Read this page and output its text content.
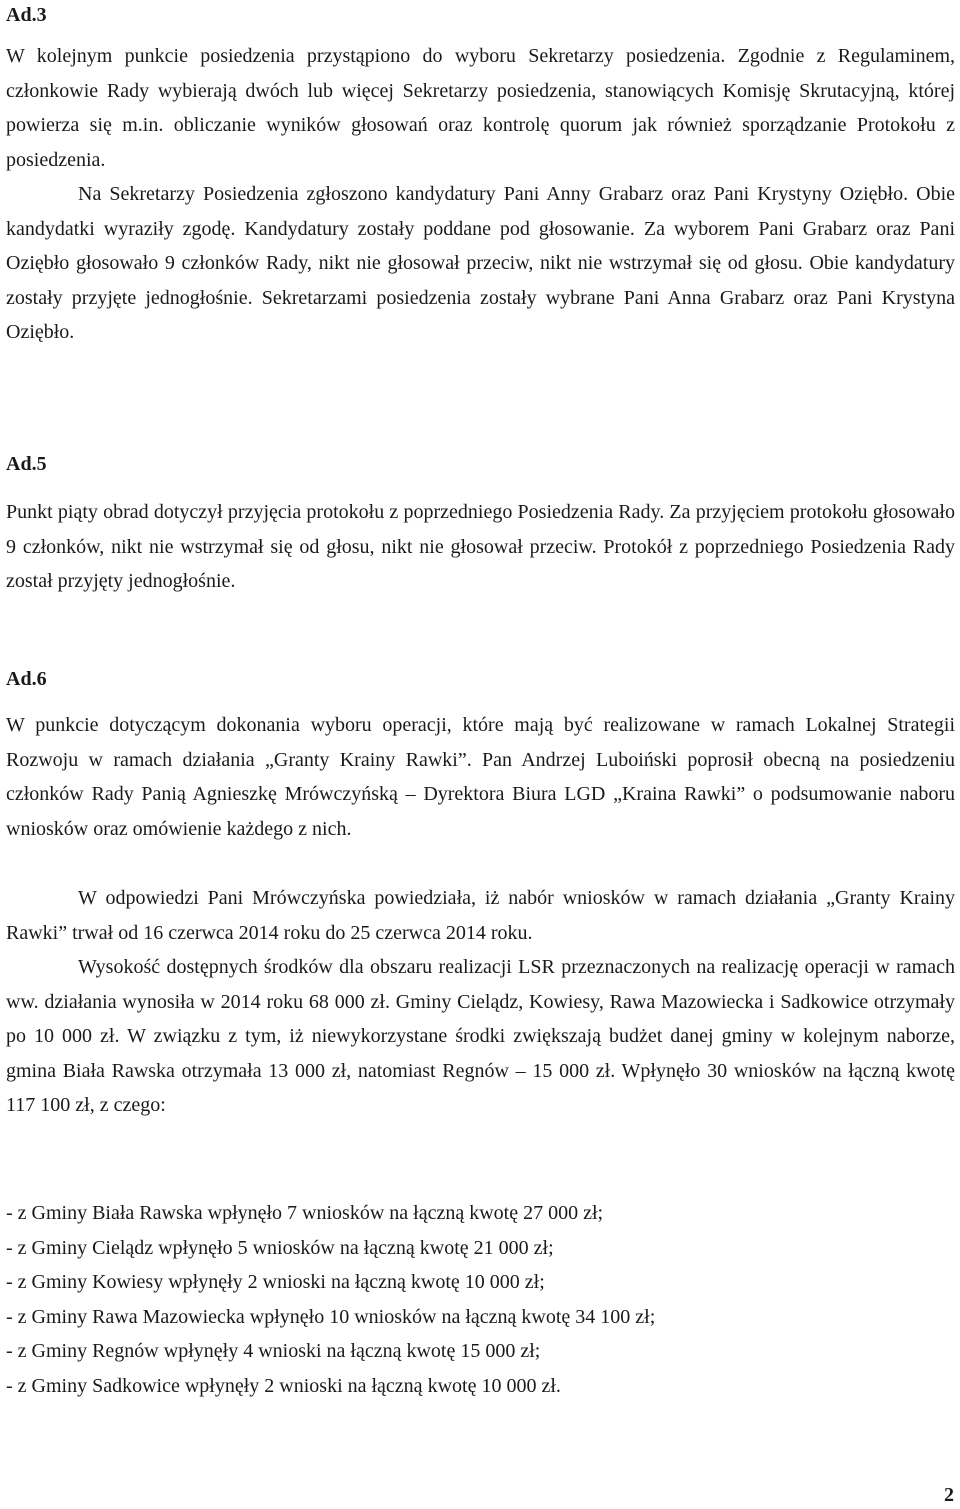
Ad.3

W kolejnym punkcie posiedzenia przystąpiono do wyboru Sekretarzy posiedzenia. Zgodnie z Regulaminem, członkowie Rady wybierają dwóch lub więcej Sekretarzy posiedzenia, stanowiących Komisję Skrutacyjną, której powierza się m.in. obliczanie wyników głosowań oraz kontrolę quorum jak również sporządzanie Protokołu z posiedzenia.

Na Sekretarzy Posiedzenia zgłoszono kandydatury Pani Anny Grabarz oraz Pani Krystyny Oziębło. Obie kandydatki wyraziły zgodę. Kandydatury zostały poddane pod głosowanie. Za wyborem Pani Grabarz oraz Pani Oziębło głosowało 9 członków Rady, nikt nie głosował przeciw, nikt nie wstrzymał się od głosu. Obie kandydatury zostały przyjęte jednogłośnie. Sekretarzami posiedzenia zostały wybrane Pani Anna Grabarz oraz Pani Krystyna Oziębło.

Ad.5

Punkt piąty obrad dotyczył przyjęcia protokołu z poprzedniego Posiedzenia Rady. Za przyjęciem protokołu głosowało 9 członków, nikt nie wstrzymał się od głosu, nikt nie głosował przeciw. Protokół z poprzedniego Posiedzenia Rady został przyjęty jednogłośnie.

Ad.6

W punkcie dotyczącym dokonania wyboru operacji, które mają być realizowane w ramach Lokalnej Strategii Rozwoju w ramach działania „Granty Krainy Rawki”. Pan Andrzej Luboiński poprosił obecną na posiedzeniu członków Rady Panią Agnieszkę Mrówczyńską – Dyrektora Biura LGD „Kraina Rawki” o podsumowanie naboru wniosków oraz omówienie każdego z nich.

W odpowiedzi Pani Mrówczyńska powiedziała, iż nabór wniosków w ramach działania „Granty Krainy Rawki” trwał od 16 czerwca 2014 roku do 25 czerwca 2014 roku.

Wysokość dostępnych środków dla obszaru realizacji LSR przeznaczonych na realizację operacji w ramach ww. działania wynosiła w 2014 roku 68 000 zł. Gminy Cielądz, Kowiesy, Rawa Mazowiecka i Sadkowice otrzymały po 10 000 zł. W związku z tym, iż niewykorzystane środki zwiększają budżet danej gminy w kolejnym naborze, gmina Biała Rawska otrzymała 13 000 zł, natomiast Regnów – 15 000 zł. Wpłynęło 30 wniosków na łączną kwotę 117 100 zł, z czego:

- z Gminy Biała Rawska wpłynęło 7 wniosków na łączną kwotę 27 000 zł;
- z Gminy Cielądz wpłynęło 5 wniosków na łączną kwotę 21 000 zł;
- z Gminy Kowiesy wpłynęły 2 wnioski na łączną kwotę 10 000 zł;
- z Gminy Rawa Mazowiecka wpłynęło 10 wniosków na łączną kwotę 34 100 zł;
- z Gminy Regnów wpłynęły 4 wnioski na łączną kwotę 15 000 zł;
- z Gminy Sadkowice wpłynęły 2 wnioski na łączną kwotę 10 000 zł.
2
